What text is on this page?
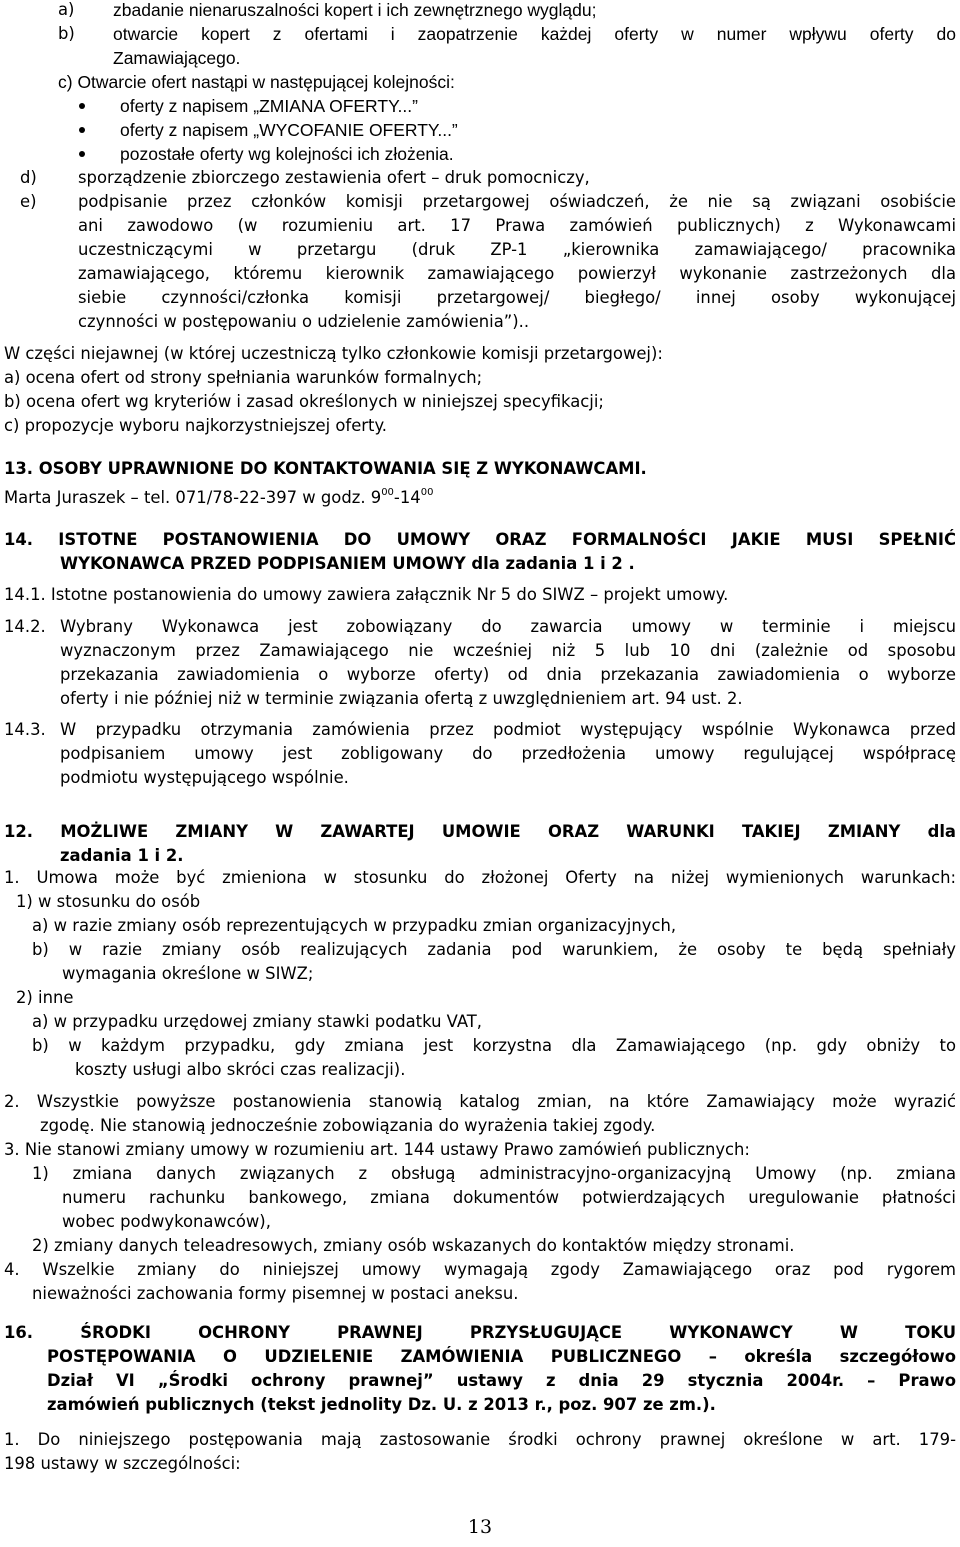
a) zbadanie nienaruszalności kopert i ich zewnętrznego wyglądu;
b) otwarcie kopert z ofertami i zaopatrzenie każdej oferty w numer wpływu oferty do
Zamawiającego.
c) Otwarcie ofert nastąpi w następującej kolejności:
oferty z napisem „ZMIANA OFERTY...”
oferty z napisem „WYCOFANIE OFERTY...”
pozostałe oferty wg kolejności ich złożenia.
d)	sporządzenie zbiorczego zestawienia ofert – druk pomocniczy,
e)	podpisanie przez członków komisji przetargowej oświadczeń, że nie są związani osobiście
ani zawodowo (w rozumieniu art. 17 Prawa zamówień publicznych) z Wykonawcami
uczestniczącymi w przetargu (druk ZP-1 „kierownika zamawiającego/ pracownika
zamawiającego, któremu kierownik zamawiającego powierzył wykonanie zastrzeżonych dla
siebie czynności/członka komisji przetargowej/ biegłego/ innej osoby wykonującej
czynności w postępowaniu o udzielenie zamówienia”)..
W części niejawnej (w której uczestniczą tylko członkowie komisji przetargowej):
a) ocena ofert od strony spełniania warunków formalnych;
b) ocena ofert wg kryteriów i zasad określonych w niniejszej specyfikacji;
c) propozycje wyboru najkorzystniejszej oferty.
13. OSOBY UPRAWNIONE DO KONTAKTOWANIA SIĘ Z WYKONAWCAMI.
14. ISTOTNE POSTANOWIENIA DO UMOWY ORAZ FORMALNOŚCI JAKIE MUSI SPEŁNIĆ
WYKONAWCA PRZED PODPISANIEM UMOWY dla zadania 1 i 2 .
14.1. Istotne postanowienia do umowy zawiera załącznik Nr 5 do SIWZ – projekt umowy.
14.2. Wybrany Wykonawca jest zobowiązany do zawarcia umowy w terminie i miejscu
wyznaczonym przez Zamawiającego nie wcześniej niż 5 lub 10 dni (zależnie od sposobu
przekazania zawiadomienia o wyborze oferty) od dnia przekazania zawiadomienia o wyborze
oferty i nie później niż w terminie związania ofertą z uwzględnieniem art. 94 ust. 2.
14.3. W przypadku otrzymania zamówienia przez podmiot występujący wspólnie Wykonawca przed
podpisaniem umowy jest zobligowany do przedłożenia umowy regulującej współpracę
podmiotu występującego wspólnie.
12. MOŻLIWE ZMIANY W ZAWARTEJ UMOWIE ORAZ WARUNKI TAKIEJ ZMIANY dla
zadania 1 i 2.
1. Umowa może być zmieniona w stosunku do złożonej Oferty na niżej wymienionych warunkach:
1) w stosunku do osób
a) w razie zmiany osób reprezentujących w przypadku zmian organizacyjnych,
b) w razie zmiany osób realizujących zadania pod warunkiem, że osoby te będą spełniały
wymagania określone w SIWZ;
2) inne
a) w przypadku urzędowej zmiany stawki podatku VAT,
b) w każdym przypadku, gdy zmiana jest korzystna dla Zamawiającego (np. gdy obniży to
koszty usługi albo skróci czas realizacji).
2. Wszystkie powyższe postanowienia stanowią katalog zmian, na które Zamawiający może wyrazić
zgodę. Nie stanowią jednocześnie zobowiązania do wyrażenia takiej zgody.
3. Nie stanowi zmiany umowy w rozumieniu art. 144 ustawy Prawo zamówień publicznych:
1) zmiana danych związanych z obsługą administracyjno-organizacyjną Umowy (np. zmiana
numeru rachunku bankowego, zmiana dokumentów potwierdzających uregulowanie płatności
wobec podwykonawców),
2) zmiany danych teleadresowych, zmiany osób wskazanych do kontaktów między stronami.
4. Wszelkie zmiany do niniejszej umowy wymagają zgody Zamawiającego oraz pod rygorem
nieważności zachowania formy pisemnej w postaci aneksu.
16. ŚRODKI OCHRONY PRAWNEJ PRZYSŁUGUJĄCE WYKONAWCY W TOKU
POSTĘPOWANIA O UDZIELENIE ZAMÓWIENIA PUBLICZNEGO – określa szczegółowo
Dział VI „Środki ochrony prawnej” ustawy z dnia 29 stycznia 2004r. – Prawo
zamówień publicznych (tekst jednolity Dz. U. z 2013 r., poz. 907 ze zm.).
1. Do niniejszego postępowania mają zastosowanie środki ochrony prawnej określone w art. 179-
198 ustawy w szczególności:
Marta Juraszek – tel. 071/78-22-397 w godz. $9^{00}-14^{00}$
13
